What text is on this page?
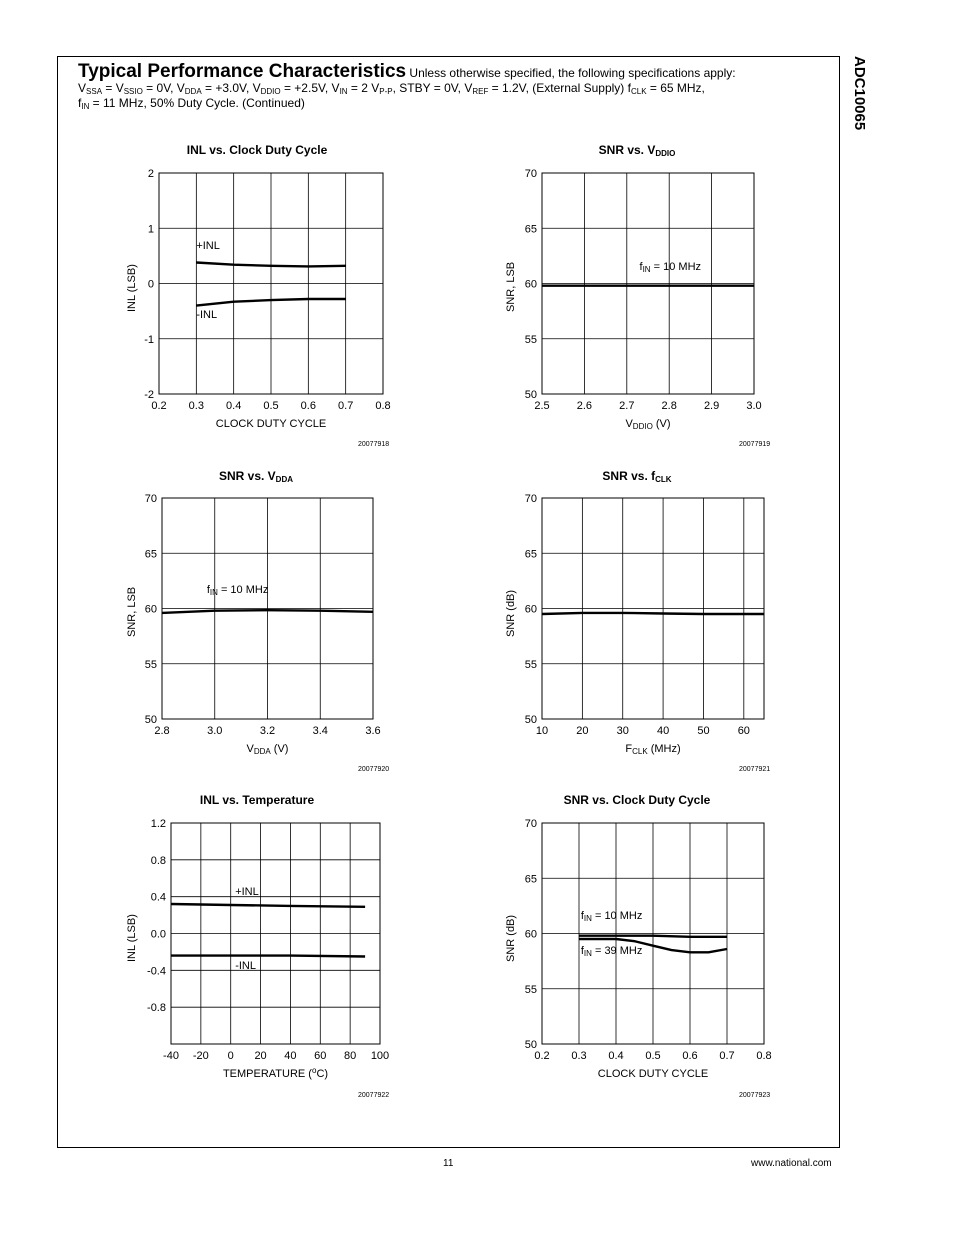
ADC10065

Typical Performance Characteristics Unless otherwise specified, the following specifications apply:

$V_{SSA} = V_{SSIO} = 0V$, $V_{DDA} = +3.0V$, $V_{DDIO} = +2.5V$, $V_{IN} = 2$ $V_{P-P}$, STBY = 0V, $V_{REF} = 1.2V$, (External Supply) $f_{CLK} = 65$ MHz,

$f_{IN} = 11$ MHz, 50% Duty Cycle. (Continued)

0.2 0.3 0.4 0.5 0.6 0.7 0.8
-2
-1
0
1
2
INL vs. Clock Duty Cycle
CLOCK DUTY CYCLE
INL (LSB)
+INL
-INL
20077918
2.5 2.6 2.7 2.8 2.9 3.0
50
55
60
65
70
SNR vs. $V_{DDIO}$
$V_{DDIO}$ (V)
SNR, LSB	$f_{IN} = 10$ MHz
20077919
2.8	3.0	3.2	3.4	3.6
50
55
60
65
70
SNR vs. $V_{DDA}$
$V_{DDA}$ (V)
SNR, LSB	$f_{IN} = 10$ MHz
20077920
10	20	30	40	50	60
50
55
60
65
70
SNR vs. $f_{CLK}$
$F_{CLK}$ (MHz)
SNR (dB)
20077921
-40 -20 0 20 40 60 80 100
-0.8
-0.4
0.0
0.4
0.8
1.2
INL vs. Temperature
TEMPERATURE ($^o$C)
INL (LSB)
+INL
-INL
20077922
0.2 0.3 0.4 0.5 0.6 0.7 0.8
50
55
60
65
70
SNR vs. Clock Duty Cycle
CLOCK DUTY CYCLE
SNR (dB)	$f_{IN} = 10$ MHz
$f_{IN} = 39$ MHz
20077923
11	www.national.com
